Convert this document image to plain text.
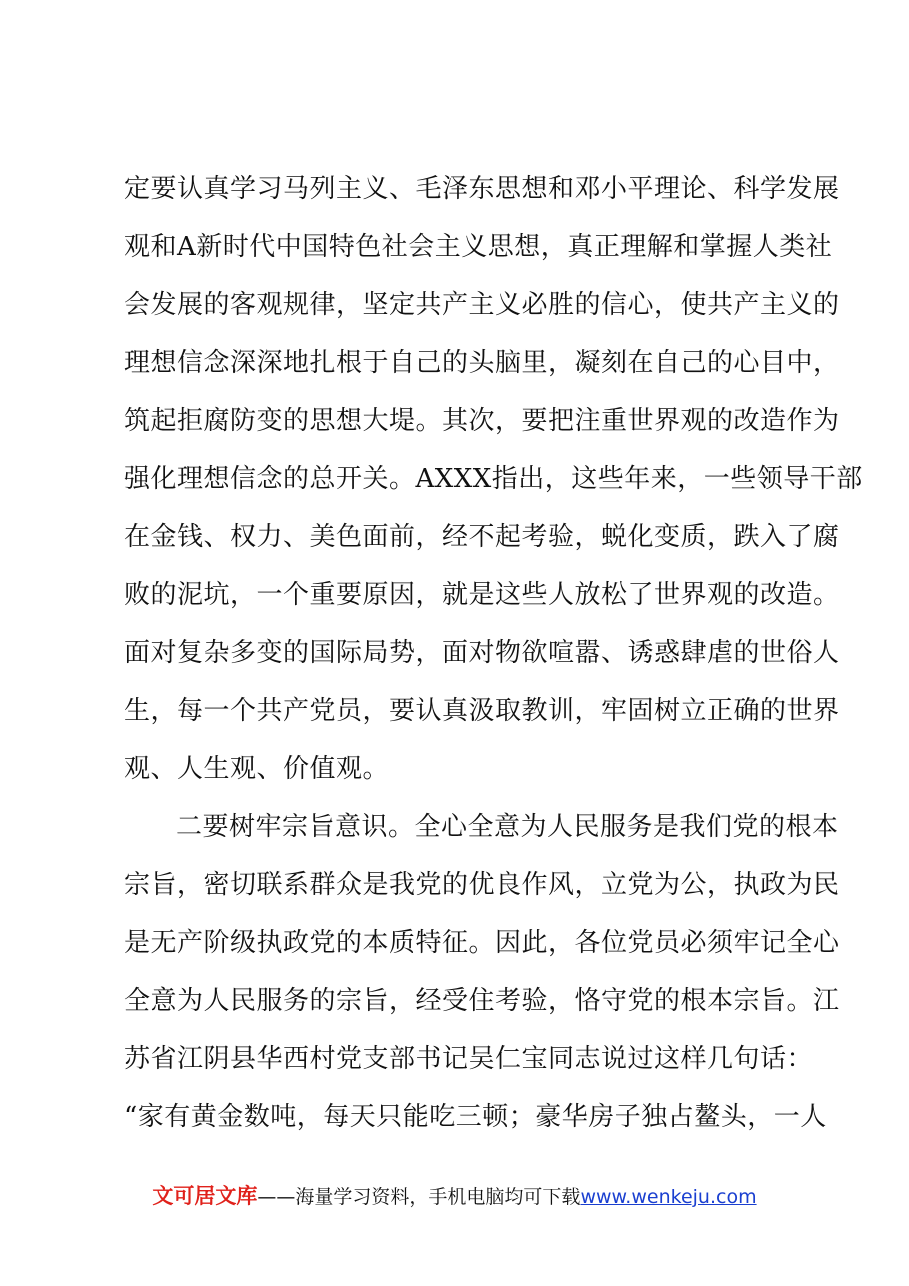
定要认真学习马列主义、毛泽东思想和邓小平理论、科学发展
观和A新时代中国特色社会主义思想，真正理解和掌握人类社
会发展的客观规律，坚定共产主义必胜的信心，使共产主义的
理想信念深深地扎根于自己的头脑里，凝刻在自己的心目中，
筑起拒腐防变的思想大堤。其次，要把注重世界观的改造作为
强化理想信念的总开关。AXXX指出，这些年来，一些领导干部
在金钱、权力、美色面前，经不起考验，蜕化变质，跌入了腐
败的泥坑，一个重要原因，就是这些人放松了世界观的改造。
面对复杂多变的国际局势，面对物欲喧嚣、诱惑肆虐的世俗人
生，每一个共产党员，要认真汲取教训，牢固树立正确的世界
观、人生观、价值观。
二要树牢宗旨意识。全心全意为人民服务是我们党的根本
宗旨，密切联系群众是我党的优良作风，立党为公，执政为民
是无产阶级执政党的本质特征。因此，各位党员必须牢记全心
全意为人民服务的宗旨，经受住考验，恪守党的根本宗旨。江
苏省江阴县华西村党支部书记吴仁宝同志说过这样几句话：
“家有黄金数吨，每天只能吃三顿；豪华房子独占鳌头，一人
文可居文库——海量学习资料，手机电脑均可下载www.wenkeju.com
